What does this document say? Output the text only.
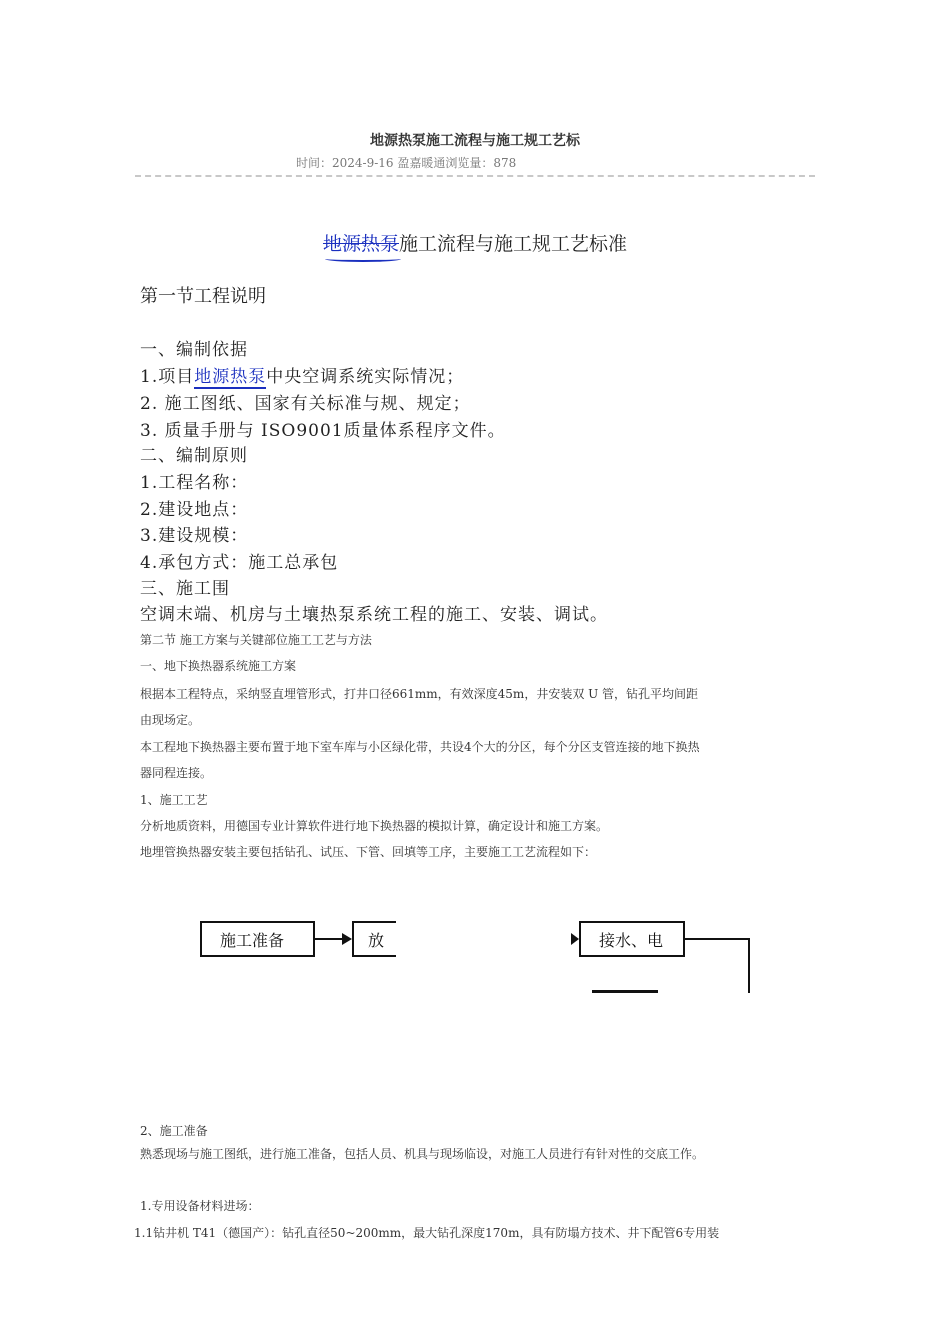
地源热泵施工流程与施工规工艺标
时间：2024-9-16 盈嘉暖通浏览量：878
地源热泵施工流程与施工规工艺标准
第一节工程说明
一、编制依据
1.项目地源热泵中央空调系统实际情况；
2. 施工图纸、国家有关标准与规、规定；
3. 质量手册与 ISO9001质量体系程序文件。
二、编制原则
1.工程名称：
2.建设地点：
3.建设规模：
4.承包方式：施工总承包
三、施工围
空调末端、机房与土壤热泵系统工程的施工、安装、调试。
第二节 施工方案与关键部位施工工艺与方法
一、地下换热器系统施工方案
根据本工程特点，采纳竖直埋管形式，打井口径661mm，有效深度45m，井安装双 U 管，钻孔平均间距
由现场定。
本工程地下换热器主要布置于地下室车库与小区绿化带，共设4个大的分区，每个分区支管连接的地下换热
器同程连接。
1、施工工艺
分析地质资料，用德国专业计算软件进行地下换热器的模拟计算，确定设计和施工方案。
地埋管换热器安装主要包括钻孔、试压、下管、回填等工序，主要施工工艺流程如下：
施工准备	放	接水、电
2、施工准备
熟悉现场与施工图纸，进行施工准备，包括人员、机具与现场临设，对施工人员进行有针对性的交底工作。
1.专用设备材料进场：
1.1钻井机 T41（德国产）：钻孔直径50~200mm，最大钻孔深度170m，具有防塌方技术、井下配管6专用装
